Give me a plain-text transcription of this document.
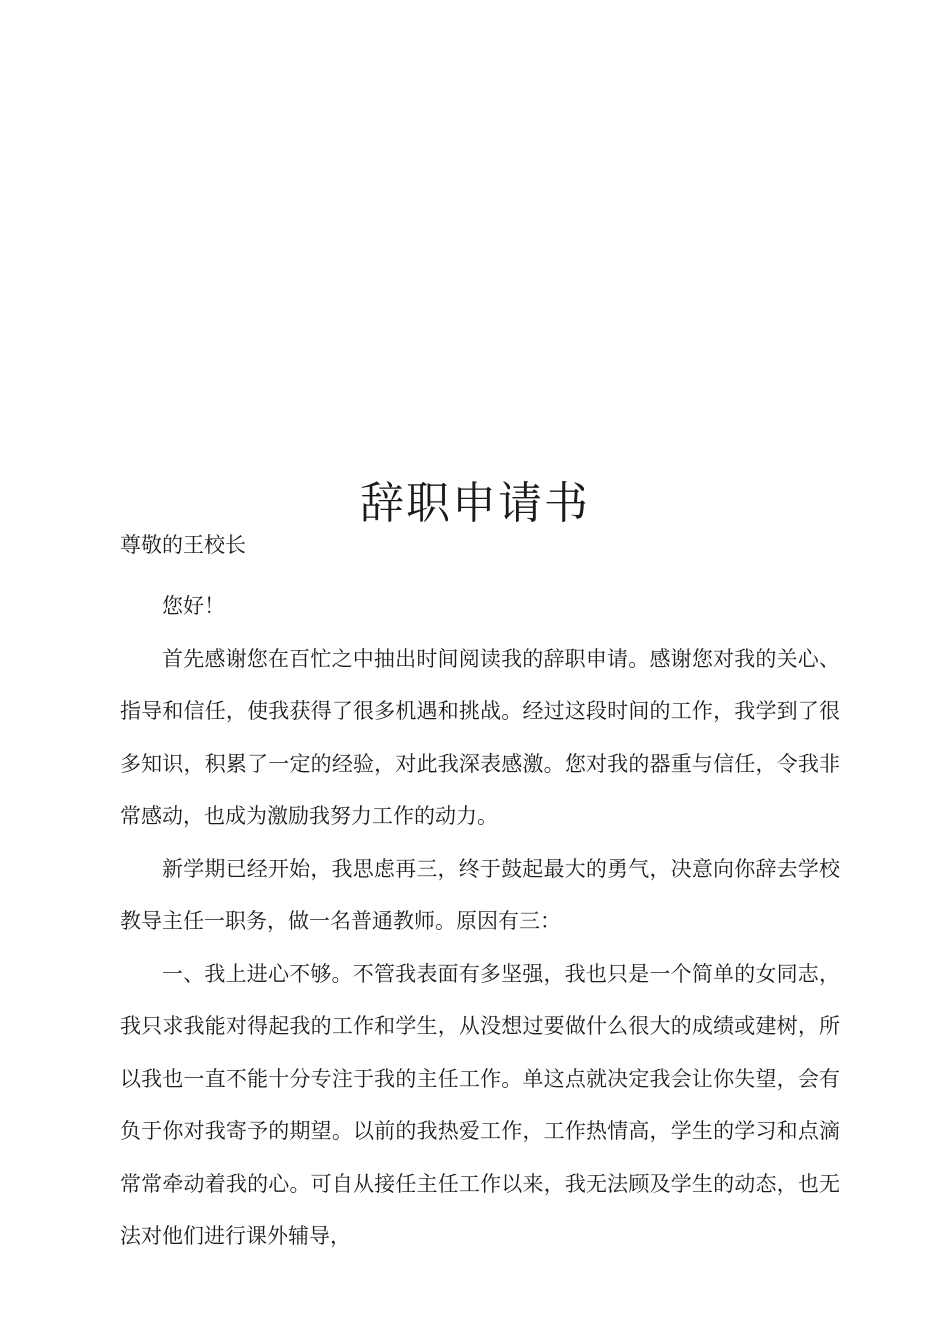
辞职申请书

尊敬的王校长

您好！

首先感谢您在百忙之中抽出时间阅读我的辞职申请。感谢您对我的关心、指导和信任，使我获得了很多机遇和挑战。经过这段时间的工作，我学到了很多知识，积累了一定的经验，对此我深表感激。您对我的器重与信任，令我非常感动，也成为激励我努力工作的动力。

新学期已经开始，我思虑再三，终于鼓起最大的勇气，决意向你辞去学校教导主任一职务，做一名普通教师。原因有三：

一、我上进心不够。不管我表面有多坚强，我也只是一个简单的女同志，我只求我能对得起我的工作和学生，从没想过要做什么很大的成绩或建树，所以我也一直不能十分专注于我的主任工作。单这点就决定我会让你失望，会有负于你对我寄予的期望。以前的我热爱工作，工作热情高，学生的学习和点滴常常牵动着我的心。可自从接任主任工作以来，我无法顾及学生的动态，也无法对他们进行课外辅导，
